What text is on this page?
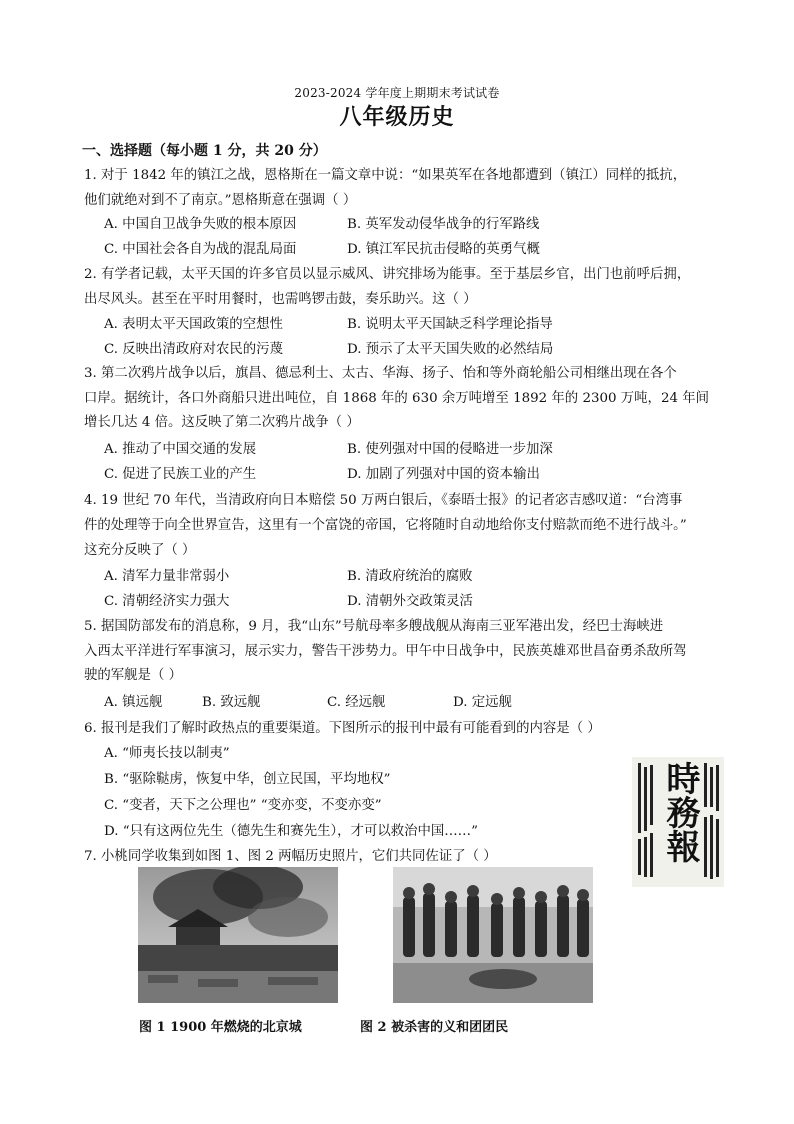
2023-2024 学年度上期期末考试试卷
八年级历史
一、选择题（每小题 1 分，共 20 分）
1. 对于 1842 年的镇江之战，恩格斯在一篇文章中说：“如果英军在各地都遭到（镇江）同样的抵抗，
他们就绝对到不了南京。”恩格斯意在强调（ ）
A. 中国自卫战争失败的根本原因	B. 英军发动侵华战争的行军路线
C. 中国社会各自为战的混乱局面	D. 镇江军民抗击侵略的英勇气概
2. 有学者记载，太平天国的许多官员以显示威风、讲究排场为能事。至于基层乡官，出门也前呼后拥，
出尽风头。甚至在平时用餐时，也需鸣锣击鼓，奏乐助兴。这（ ）
A. 表明太平天国政策的空想性	B. 说明太平天国缺乏科学理论指导
C. 反映出清政府对农民的污蔑	D. 预示了太平天国失败的必然结局
3. 第二次鸦片战争以后，旗昌、德忌利士、太古、华海、扬子、怡和等外商轮船公司相继出现在各个
口岸。据统计，各口外商船只进出吨位，自 1868 年的 630 余万吨增至 1892 年的 2300 万吨，24 年间
增长几达 4 倍。这反映了第二次鸦片战争（ ）
A. 推动了中国交通的发展	B. 使列强对中国的侵略进一步加深
C. 促进了民族工业的产生	D. 加剧了列强对中国的资本输出
4. 19 世纪 70 年代，当清政府向日本赔偿 50 万两白银后，《泰晤士报》的记者宓吉感叹道：“台湾事
件的处理等于向全世界宣告，这里有一个富饶的帝国，它将随时自动地给你支付赔款而绝不进行战斗。”
这充分反映了（ ）
A. 清军力量非常弱小	B. 清政府统治的腐败
C. 清朝经济实力强大	D. 清朝外交政策灵活
5. 据国防部发布的消息称，9 月，我“山东”号航母率多艘战舰从海南三亚军港出发，经巴士海峡进
入西太平洋进行军事演习，展示实力，警告干涉势力。甲午中日战争中，民族英雄邓世昌奋勇杀敌所驾
驶的军舰是（ ）
A. 镇远舰	B. 致远舰	C. 经远舰	D. 定远舰
6. 报刊是我们了解时政热点的重要渠道。下图所示的报刊中最有可能看到的内容是（ ）
A. “师夷长技以制夷”
B. “驱除鞑虏，恢复中华，创立民国，平均地权”
C. “变者，天下之公理也” “变亦变，不变亦变”
D. “只有这两位先生（德先生和赛先生），才可以救治中国……”	時務報
7. 小桃同学收集到如图 1、图 2 两幅历史照片，它们共同佐证了（ ）
图 1 1900 年燃烧的北京城	图 2 被杀害的义和团团民
